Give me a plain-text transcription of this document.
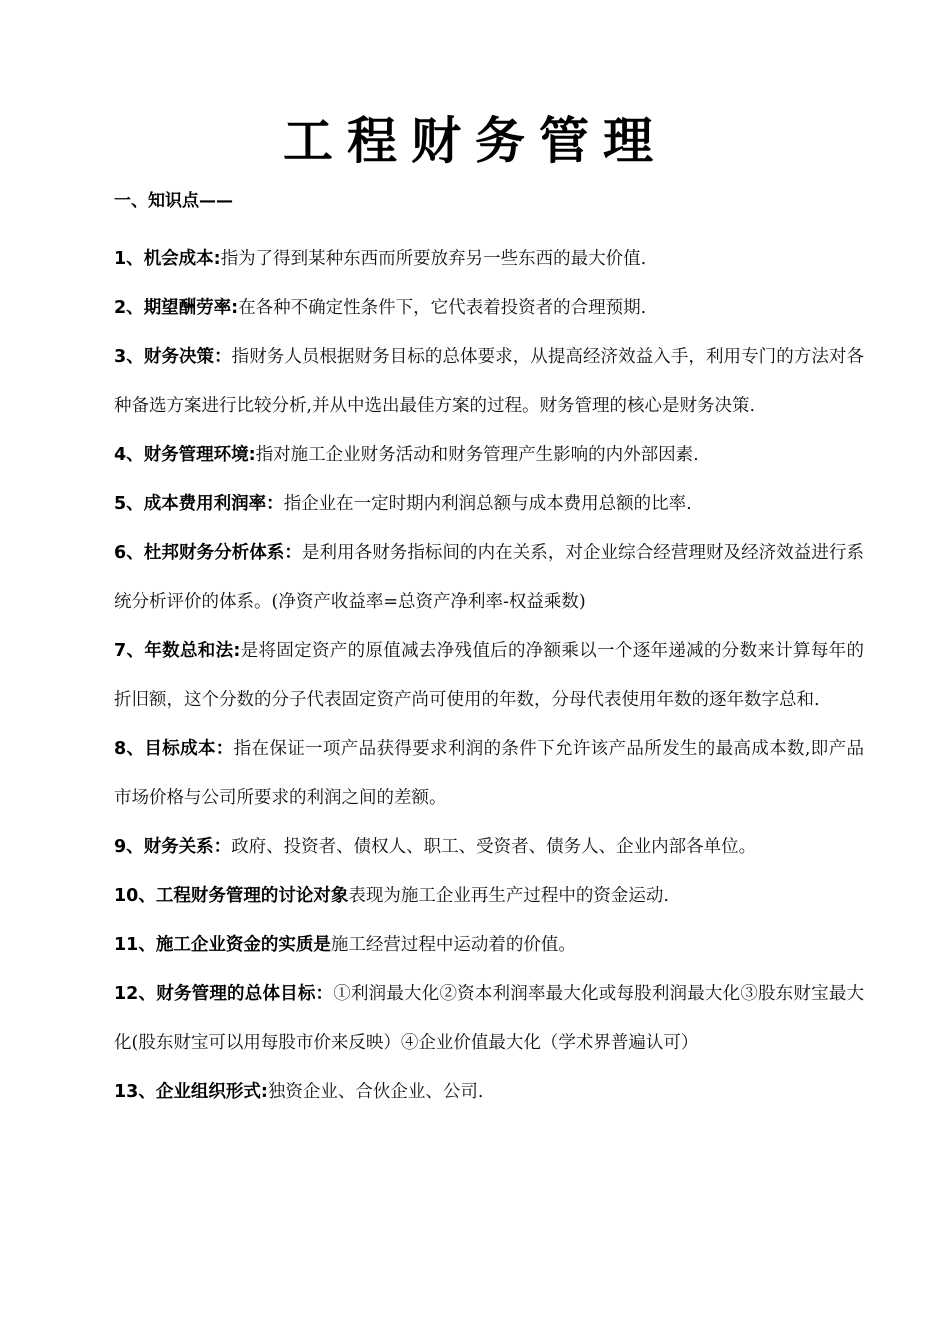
工程财务管理
一、知识点——

1、机会成本:指为了得到某种东西而所要放弃另一些东西的最大价值.

2、期望酬劳率:在各种不确定性条件下，它代表着投资者的合理预期.

3、财务决策：指财务人员根据财务目标的总体要求，从提高经济效益入手，利用专门的方法对各种备选方案进行比较分析,并从中选出最佳方案的过程。财务管理的核心是财务决策.

4、财务管理环境:指对施工企业财务活动和财务管理产生影响的内外部因素.

5、成本费用利润率：指企业在一定时期内利润总额与成本费用总额的比率.

6、杜邦财务分析体系：是利用各财务指标间的内在关系，对企业综合经营理财及经济效益进行系统分析评价的体系。(净资产收益率=总资产净利率-权益乘数)

7、年数总和法:是将固定资产的原值减去净残值后的净额乘以一个逐年递减的分数来计算每年的折旧额，这个分数的分子代表固定资产尚可使用的年数，分母代表使用年数的逐年数字总和.

8、目标成本：指在保证一项产品获得要求利润的条件下允许该产品所发生的最高成本数,即产品市场价格与公司所要求的利润之间的差额。

9、财务关系：政府、投资者、债权人、职工、受资者、债务人、企业内部各单位。

10、工程财务管理的讨论对象表现为施工企业再生产过程中的资金运动.

11、施工企业资金的实质是施工经营过程中运动着的价值。

12、财务管理的总体目标：①利润最大化②资本利润率最大化或每股利润最大化③股东财宝最大化(股东财宝可以用每股市价来反映）④企业价值最大化（学术界普遍认可）

13、企业组织形式:独资企业、合伙企业、公司.
